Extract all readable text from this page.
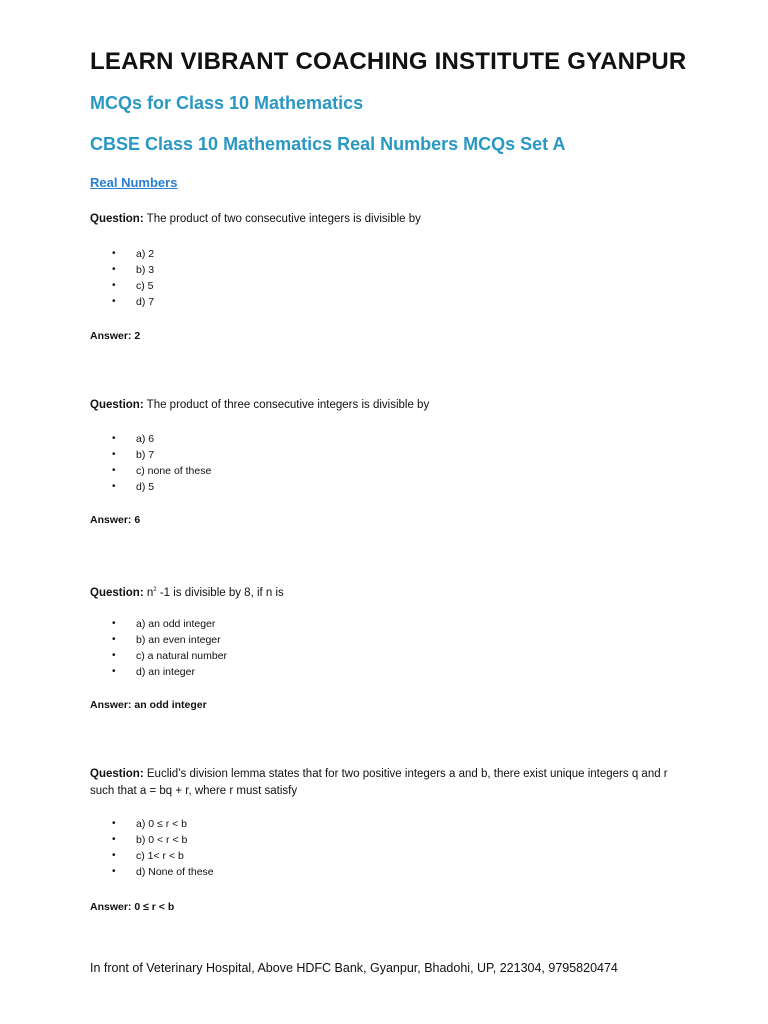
LEARN VIBRANT COACHING INSTITUTE GYANPUR
MCQs for Class 10 Mathematics
CBSE Class 10 Mathematics Real Numbers MCQs Set A
Real Numbers
Question: The product of two consecutive integers is divisible by
• a) 2
• b) 3
• c) 5
• d) 7
Answer: 2
Question: The product of three consecutive integers is divisible by
• a) 6
• b) 7
• c) none of these
• d) 5
Answer: 6
Question: $n^2$ -1 is divisible by 8, if n is
• a) an odd integer
• b) an even integer
• c) a natural number
• d) an integer
Answer: an odd integer
Question: Euclid’s division lemma states that for two positive integers a and b, there exist unique integers q and r such that a = bq + r, where r must satisfy
• a) 0 ≤ r < b
• b) 0 < r < b
• c) 1< r < b
• d) None of these
Answer: 0 ≤ r < b
In front of Veterinary Hospital, Above HDFC Bank, Gyanpur, Bhadohi, UP, 221304, 9795820474
